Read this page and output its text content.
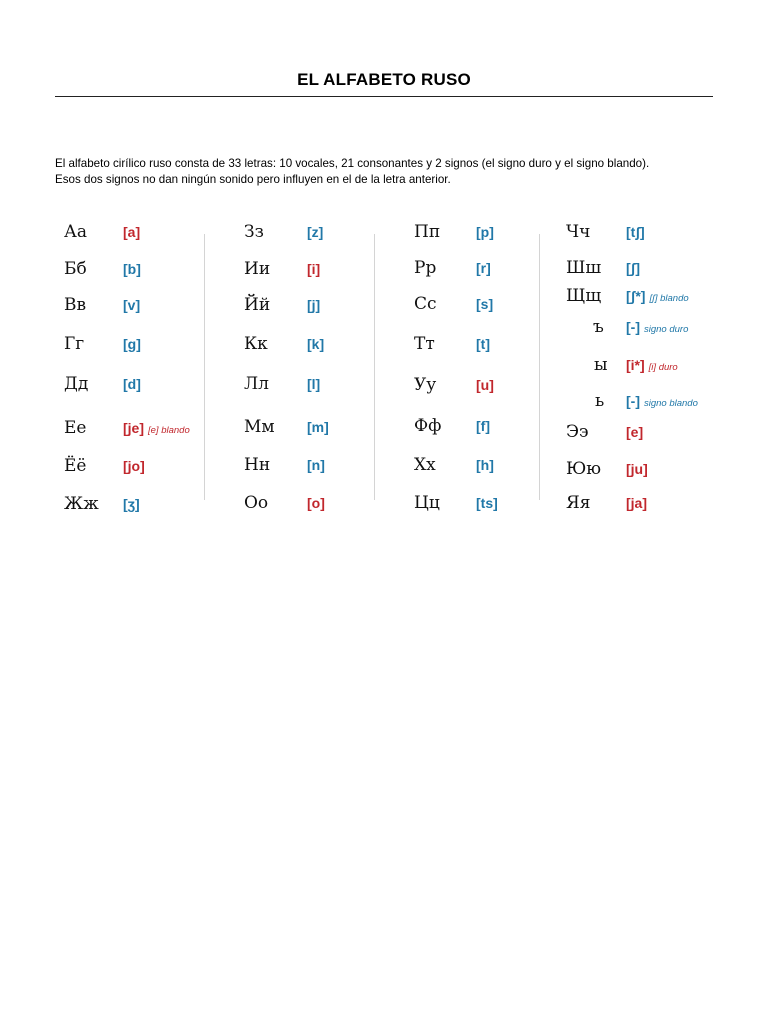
EL ALFABETO RUSO
El alfabeto cirílico ruso consta de 33 letras: 10 vocales, 21 consonantes y 2 signos (el signo duro y el signo blando).
Esos dos signos no dan ningún sonido pero influyen en el de la letra anterior.
Аа	[a]
Бб	[b]
Вв	[v]
Гг	[g]
Дд [d]
Ее	[je] [e] blando
Ёё	[jo]
Жж [ʒ]
Зз	[z]
Ии	[i]
Йй	[j]
Кк	[k]
Лл	[l]
Мм [m]
Нн	[n]
Оо	[o]
Пп	[p]
Рр	[r]
Сс	[s]
Тт	[t]
Уу	[u]
Фф [f]
Хх	[h]
Цц	[ts]
Чч	[tʃ]
Шш [ʃ]
Щщ [ʃ*] [ʃ] blando
ъ [-] signo duro
ы [i*] [i] duro
ь [-] signo blando
Ээ	[e]
Юю [ju]
Яя	[ja]
